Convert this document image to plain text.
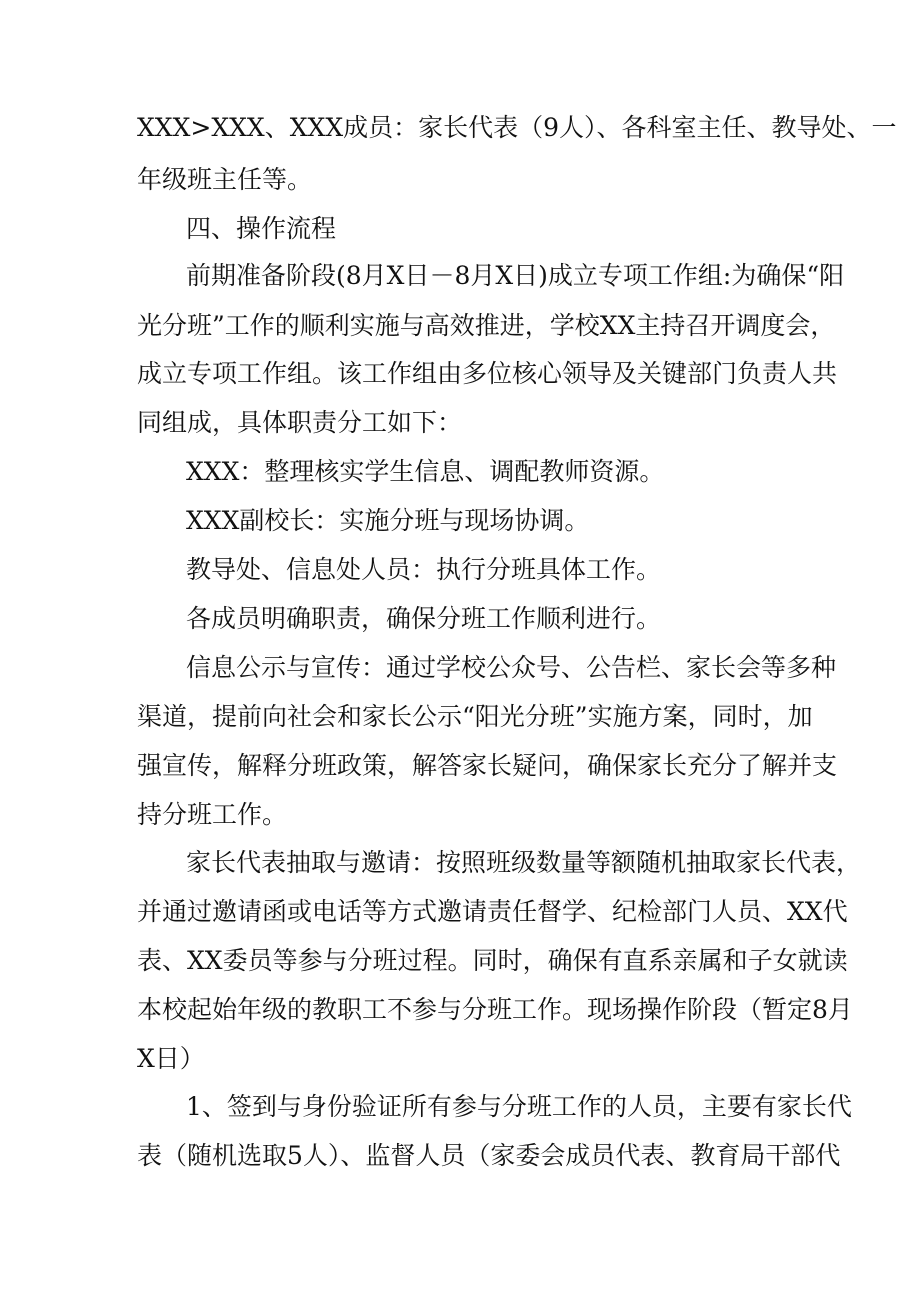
XXX>XXX、XXX成员：家长代表（9人）、各科室主任、教导处、一
年级班主任等。
四、操作流程
前期准备阶段(8月X日－8月X日)成立专项工作组:为确保“阳
光分班”工作的顺利实施与高效推进，学校XX主持召开调度会，
成立专项工作组。该工作组由多位核心领导及关键部门负责人共
同组成，具体职责分工如下：
XXX：整理核实学生信息、调配教师资源。
XXX副校长：实施分班与现场协调。
教导处、信息处人员：执行分班具体工作。
各成员明确职责，确保分班工作顺利进行。
信息公示与宣传：通过学校公众号、公告栏、家长会等多种
渠道，提前向社会和家长公示“阳光分班”实施方案，同时，加
强宣传，解释分班政策，解答家长疑问，确保家长充分了解并支
持分班工作。
家长代表抽取与邀请：按照班级数量等额随机抽取家长代表，
并通过邀请函或电话等方式邀请责任督学、纪检部门人员、XX代
表、XX委员等参与分班过程。同时，确保有直系亲属和子女就读
本校起始年级的教职工不参与分班工作。现场操作阶段（暂定8月
X日）
1、签到与身份验证所有参与分班工作的人员，主要有家长代
表（随机选取5人）、监督人员（家委会成员代表、教育局干部代
